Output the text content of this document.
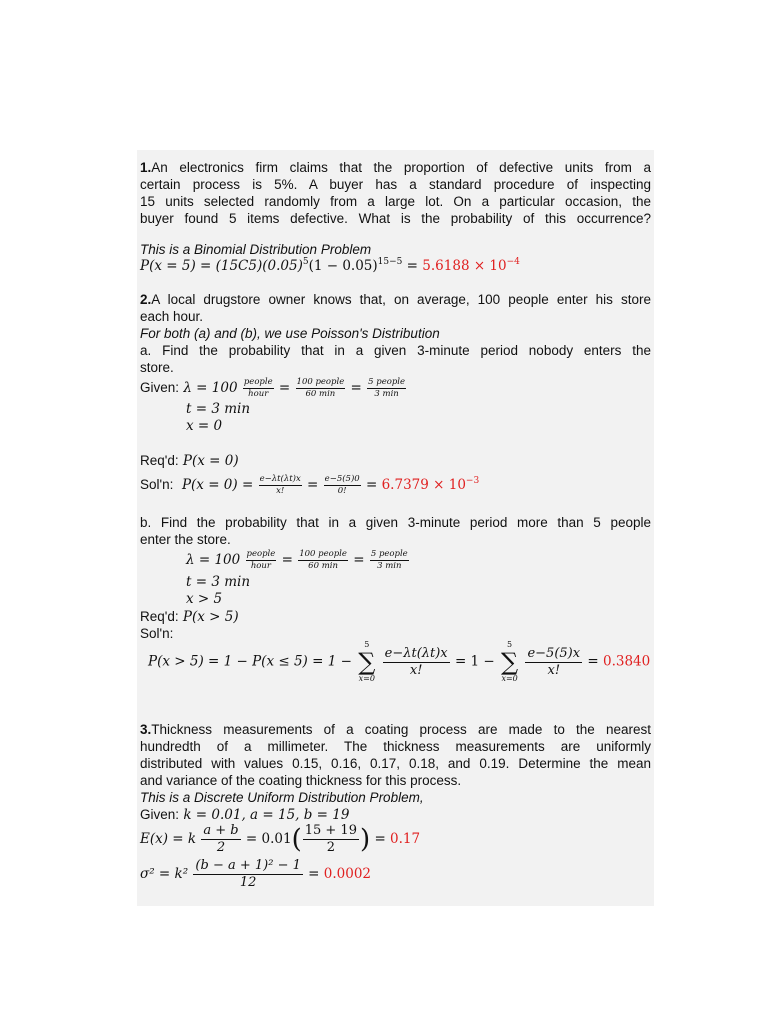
1.An electronics firm claims that the proportion of defective units from a
certain process is 5%. A buyer has a standard procedure of inspecting
15 units selected randomly from a large lot. On a particular occasion, the
buyer found 5 items defective. What is the probability of this occurrence?
This is a Binomial Distribution Problem
$P(x = 5) = (15C5)(0.05)^5(1 - 0.05)^{15-5} = 5.6188 \times 10^{-4}$
2.A local drugstore owner knows that, on average, 100 people enter his store
each hour.
For both (a) and (b), we use Poisson's Distribution
a. Find the probability that in a given 3-minute period nobody enters the
store.
Given: $\lambda = 100 \frac{\text{people}}{\text{hour}} = \frac{\text{100 people}}{60 \min} = \frac{\text{5 people}}{3 \min}$
t = 3 min
x = 0
Req'd: P(x = 0)
Sol'n: $P(x = 0) = \frac{e-\lambda t(\lambda t)x}{x!} = \frac{e-5(5)0}{0!} = 6.7379 \times 10^{-3}$
b. Find the probability that in a given 3-minute period more than 5 people
enter the store.
$\lambda = 100 \frac{\text{people}}{\text{hour}} = \frac{\text{100 people}}{60 \min} = \frac{\text{5 people}}{3 \min}$
t = 3 min
x > 5
Req'd: P(x > 5)
Sol'n:
P(x > 5) = 1 − P(x ≤ 5) = 1 − 5
∑
$x=0 \frac{e-\lambda t(\lambda t)x}{x!} = 1 - 5$
∑
$x=0 \frac{e-5(5)x}{x!} = 0.3840$
3.Thickness measurements of a coating process are made to the nearest
hundredth of a millimeter. The thickness measurements are uniformly
distributed with values 0.15, 0.16, 0.17, 0.18, and 0.19. Determine the mean
and variance of the coating thickness for this process.
This is a Discrete Uniform Distribution Problem,
Given: k = 0.01, a = 15, b = 19
E(x) = k $\frac{a + b}{2} = 0.01( \frac{15 + 19}{2}$ ) = 0.17
$\sigma^2 = k^2 \frac{\text{(b − a + 1)² − 1}}{12} = 0.0002$
